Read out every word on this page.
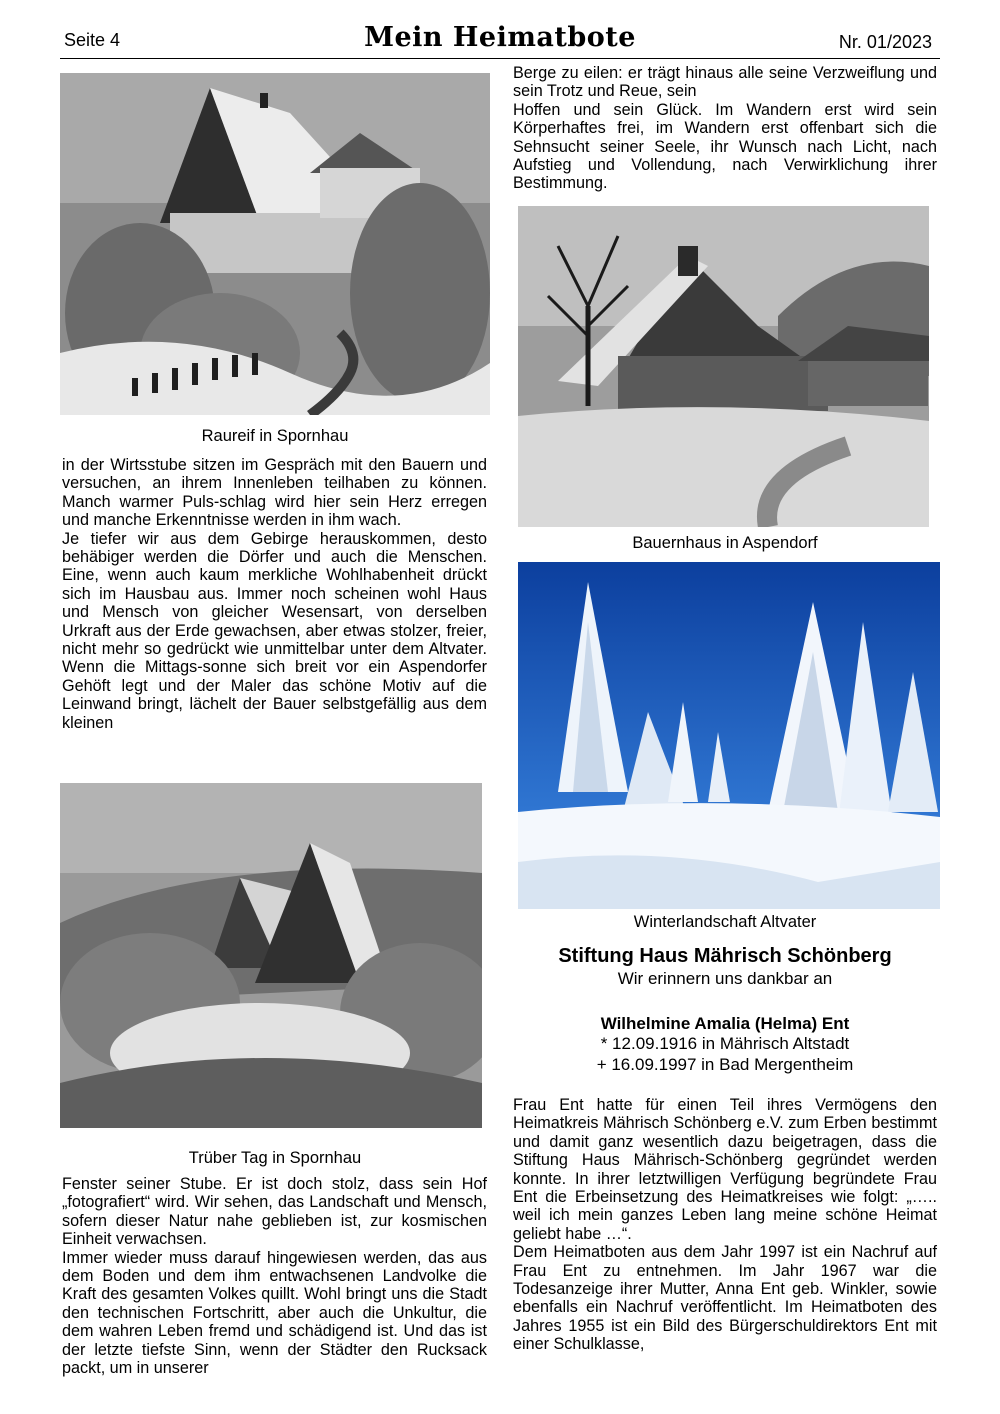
Seite 4	Mein Heimatbote	Nr. 01/2023
Raureif in Spornhau

in der Wirtsstube sitzen im Gespräch mit den Bauern und versuchen, an ihrem Innenleben teilhaben zu können. Manch warmer Puls-schlag wird hier sein Herz erregen und manche Erkenntnisse werden in ihm wach.

Je tiefer wir aus dem Gebirge herauskommen, desto behäbiger werden die Dörfer und auch die Menschen. Eine, wenn auch kaum merkliche Wohlhabenheit drückt sich im Hausbau aus. Immer noch scheinen wohl Haus und Mensch von gleicher Wesensart, von derselben Urkraft aus der Erde gewachsen, aber etwas stolzer, freier, nicht mehr so gedrückt wie unmittelbar unter dem Altvater. Wenn die Mittags-sonne sich breit vor ein Aspendorfer Gehöft legt und der Maler das schöne Motiv auf die Leinwand bringt, lächelt der Bauer selbstgefällig aus dem kleinen

Trüber Tag in Spornhau

Fenster seiner Stube. Er ist doch stolz, dass sein Hof „fotografiert“ wird. Wir sehen, das Landschaft und Mensch, sofern dieser Natur nahe geblieben ist, zur kosmischen Einheit verwachsen.

Immer wieder muss darauf hingewiesen werden, das aus dem Boden und dem ihm entwachsenen Landvolke die Kraft des gesamten Volkes quillt. Wohl bringt uns die Stadt den technischen Fortschritt, aber auch die Unkultur, die dem wahren Leben fremd und schädigend ist. Und das ist der letzte tiefste Sinn, wenn der Städter den Rucksack packt, um in unserer

Berge zu eilen: er trägt hinaus alle seine Verzweiflung und sein Trotz und Reue, sein

Hoffen und sein Glück. Im Wandern erst wird sein Körperhaftes frei, im Wandern erst offenbart sich die Sehnsucht seiner Seele, ihr Wunsch nach Licht, nach Aufstieg und Vollendung, nach Verwirklichung ihrer Bestimmung.

Bauernhaus in Aspendorf
Winterlandschaft Altvater
Stiftung Haus Mährisch Schönberg
Wir erinnern uns dankbar an
Wilhelmine Amalia (Helma) Ent
* 12.09.1916 in Mährisch Altstadt
+ 16.09.1997 in Bad Mergentheim

Frau Ent hatte für einen Teil ihres Vermögens den Heimatkreis Mährisch Schönberg e.V. zum Erben bestimmt und damit ganz wesentlich dazu beigetragen, dass die Stiftung Haus Mährisch-Schönberg gegründet werden konnte. In ihrer letztwilligen Verfügung begründete Frau Ent die Erbeinsetzung des Heimatkreises wie folgt: „….. weil ich mein ganzes Leben lang meine schöne Heimat geliebt habe …“.

Dem Heimatboten aus dem Jahr 1997 ist ein Nachruf auf Frau Ent zu entnehmen. Im Jahr 1967 war die Todesanzeige ihrer Mutter, Anna Ent geb. Winkler, sowie ebenfalls ein Nachruf veröffentlicht. Im Heimatboten des Jahres 1955 ist ein Bild des Bürgerschuldirektors Ent mit einer Schulklasse,
